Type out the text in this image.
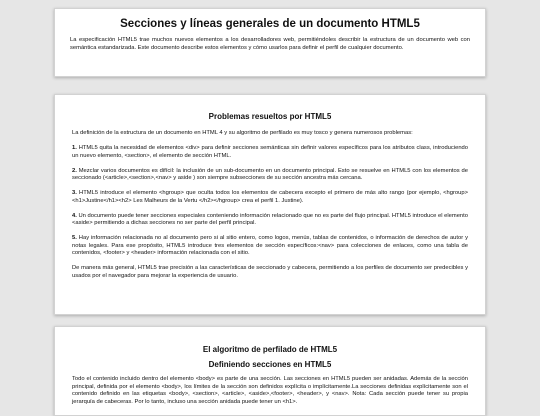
Secciones y líneas generales de un documento HTML5

La especificación HTML5 trae muchos nuevos elementos a los desarrolladores web, permitiéndoles describir la estructura de un documento web con semántica estandarizada. Este documento describe estos elementos y cómo usarlos para definir el perfil de cualquier documento.

Problemas resueltos por HTML5

La definición de la estructura de un documento en HTML 4 y su algoritmo de perfilado es muy tosco y genera numerosos problemas:

1. HTML5 quita la necesidad de elementos <div> para definir secciones semánticas sin definir valores específicos para los atributos class, introduciendo un nuevo elemento, <section>, el elemento de sección HTML.

2. Mezclar varios documentos es difícil: la inclusión de un sub-documento en un documento principal. Esto se resuelve en HTML5 con los elementos de seccionado (<article>,<section>,<nav> y aside ) son siempre subsecciones de su sección ancestra más cercana.

3. HTML5 introduce el elemento <hgroup> que oculta todos los elementos de cabecera excepto el primero de más alto rango (por ejemplo, <hgroup><h1>Justine</h1><h2> Les Malheurs de la Vertu </h2></hgroup> crea el perfil 1. Justine).

4. Un documento puede tener secciones especiales conteniendo información relacionado que no es parte del flujo principal. HTML5 introduce el elemento <aside> permitiendo a dichas secciones no ser parte del perfil principal.

5. Hay información relacionada no al documento pero si al sitio entero, como logos, menús, tablas de contenidos, o información de derechos de autor y notas legales. Para ese propósito, HTML5 introduce tres elementos de sección específicos:<nav> para colecciones de enlaces, como una tabla de contenidos, <footer> y <header> información relacionada con el sitio.

De manera más general, HTML5 trae precisión a las características de seccionado y cabecera, permitiendo a los perfiles de documento ser predecibles y usados por el navegador para mejorar la experiencia de usuario.

El algoritmo de perfilado de HTML5
Definiendo secciones en HTML5

Todo el contenido incluido dentro del elemento <body> es parte de una sección. Las secciones en HTML5 pueden ser anidadas. Además de la sección principal, definida por el elemento <body>, los límites de la sección son definidos explícita o implícitamente.La secciones definidas explícitamente son el contenido definido en las etiquetas <body>, <section>, <article>, <aside>,<footer>, <header>, y <nav>. Nota: Cada sección puede tener su propia jerarquía de cabeceras. Por lo tanto, incluso una sección anidada puede tener un <h1>.
